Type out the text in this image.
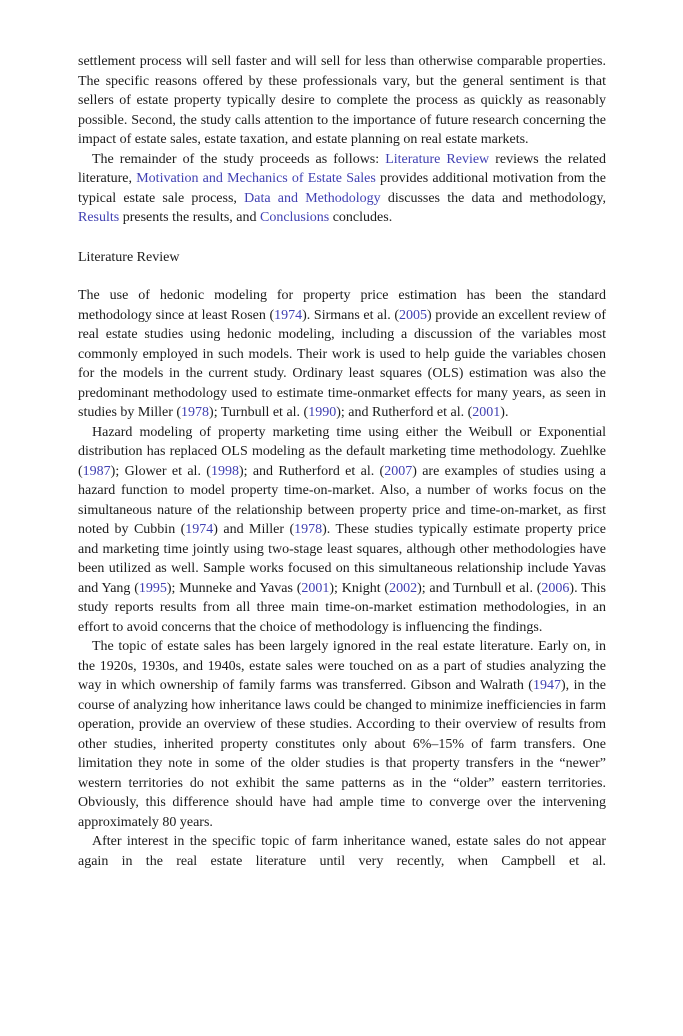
settlement process will sell faster and will sell for less than otherwise comparable properties. The specific reasons offered by these professionals vary, but the general sentiment is that sellers of estate property typically desire to complete the process as quickly as reasonably possible. Second, the study calls attention to the importance of future research concerning the impact of estate sales, estate taxation, and estate planning on real estate markets.

The remainder of the study proceeds as follows: Literature Review reviews the related literature, Motivation and Mechanics of Estate Sales provides additional motivation from the typical estate sale process, Data and Methodology discusses the data and methodology, Results presents the results, and Conclusions concludes.

Literature Review

The use of hedonic modeling for property price estimation has been the standard methodology since at least Rosen (1974). Sirmans et al. (2005) provide an excellent review of real estate studies using hedonic modeling, including a discussion of the variables most commonly employed in such models. Their work is used to help guide the variables chosen for the models in the current study. Ordinary least squares (OLS) estimation was also the predominant methodology used to estimate time-onmarket effects for many years, as seen in studies by Miller (1978); Turnbull et al. (1990); and Rutherford et al. (2001).

Hazard modeling of property marketing time using either the Weibull or Exponential distribution has replaced OLS modeling as the default marketing time methodology. Zuehlke (1987); Glower et al. (1998); and Rutherford et al. (2007) are examples of studies using a hazard function to model property time-on-market. Also, a number of works focus on the simultaneous nature of the relationship between property price and time-on-market, as first noted by Cubbin (1974) and Miller (1978). These studies typically estimate property price and marketing time jointly using two-stage least squares, although other methodologies have been utilized as well. Sample works focused on this simultaneous relationship include Yavas and Yang (1995); Munneke and Yavas (2001); Knight (2002); and Turnbull et al. (2006). This study reports results from all three main time-on-market estimation methodologies, in an effort to avoid concerns that the choice of methodology is influencing the findings.

The topic of estate sales has been largely ignored in the real estate literature. Early on, in the 1920s, 1930s, and 1940s, estate sales were touched on as a part of studies analyzing the way in which ownership of family farms was transferred. Gibson and Walrath (1947), in the course of analyzing how inheritance laws could be changed to minimize inefficiencies in farm operation, provide an overview of these studies. According to their overview of results from other studies, inherited property constitutes only about 6%–15% of farm transfers. One limitation they note in some of the older studies is that property transfers in the “newer” western territories do not exhibit the same patterns as in the “older” eastern territories. Obviously, this difference should have had ample time to converge over the intervening approximately 80 years.

After interest in the specific topic of farm inheritance waned, estate sales do not appear again in the real estate literature until very recently, when Campbell et al.
